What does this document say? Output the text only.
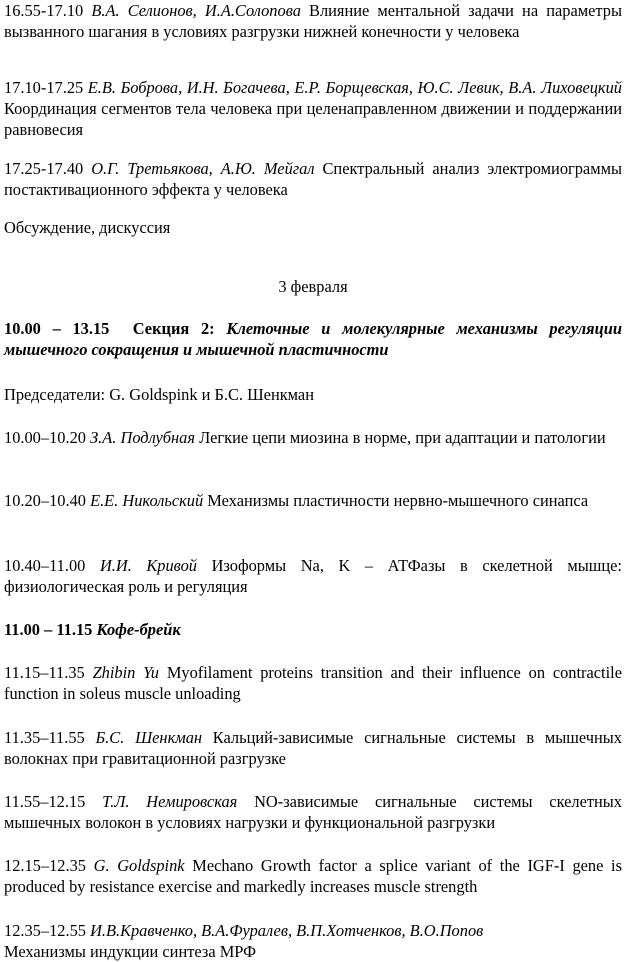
16.55-17.10 В.А. Селионов, И.А.Солопова Влияние ментальной задачи на параметры вызванного шагания в условиях разгрузки нижней конечности у человека

17.10-17.25 Е.В. Боброва, И.Н. Богачева, Е.Р. Борщевская, Ю.С. Левик, В.А. Лиховецкий Координация сегментов тела человека при целенаправленном движении и поддержании равновесия

17.25-17.40 О.Г. Третьякова, А.Ю. Мейгал Спектральный анализ электромиограммы постактивационного эффекта у человека

Обсуждение, дискуссия

3 февраля

10.00 – 13.15 Секция 2: Клеточные и молекулярные механизмы регуляции мышечного сокращения и мышечной пластичности

Председатели: G. Goldspink и Б.С. Шенкман

10.00–10.20 З.А. Подлубная Легкие цепи миозина в норме, при адаптации и патологии

10.20–10.40 Е.Е. Никольский Механизмы пластичности нервно-мышечного синапса

10.40–11.00 И.И. Кривой Изоформы Na, K – АТФазы в скелетной мышце: физиологическая роль и регуляция

11.00 – 11.15 Кофе-брейк

11.15–11.35 Zhibin Yu Myofilament proteins transition and their influence on contractile function in soleus muscle unloading

11.35–11.55 Б.С. Шенкман Кальций-зависимые сигнальные системы в мышечных волокнах при гравитационной разгрузке

11.55–12.15 Т.Л. Немировская NO-зависимые сигнальные системы скелетных мышечных волокон в условиях нагрузки и функциональной разгрузки

12.15–12.35 G. Goldspink Mechano Growth factor a splice variant of the IGF-I gene is produced by resistance exercise and markedly increases muscle strength

12.35–12.55 И.В.Кравченко, В.А.Фуралев, В.П.Хотченков, В.О.Попов
Механизмы индукции синтеза МРФ
